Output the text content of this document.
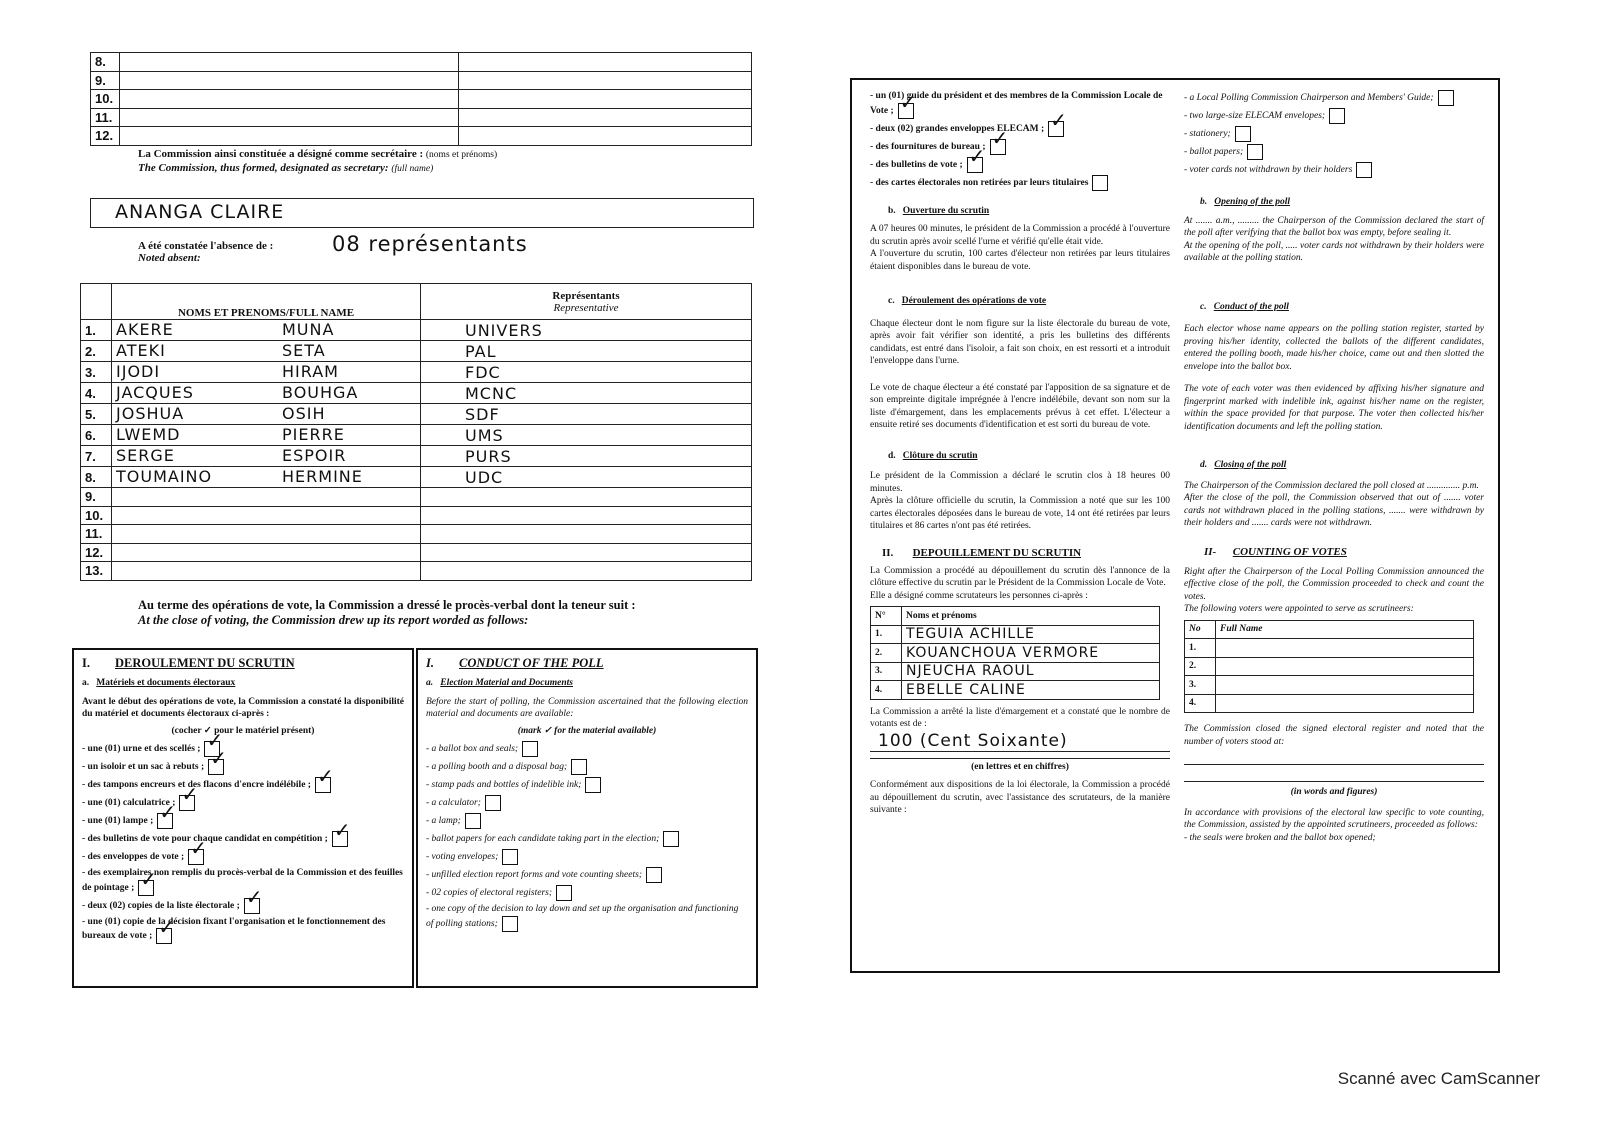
8.		
9.		
10.		
11.		
12.		
La Commission ainsi constituée a désigné comme secrétaire : (noms et prénoms)
The Commission, thus formed, designated as secretary: (full name)
ANANGA CLAIRE
A été constatée l'absence de :
Noted absent:
08 représentants
	NOMS ET PRENOMS/FULL NAME	Représentants
Representative
1.	AKERE MUNA	UNIVERS
2.	ATEKI SETA	PAL
3.	IJODI HIRAM	FDC
4.	JACQUES BOUHGA	MCNC
5.	JOSHUA OSIH	SDF
6.	LWEMD PIERRE	UMS
7.	SERGE ESPOIR	PURS
8.	TOUMAINO HERMINE	UDC
9.	

10.	

11.	

12.	

13.	

Au terme des opérations de vote, la Commission a dressé le procès-verbal dont la teneur suit :
At the close of voting, the Commission drew up its report worded as follows:
I. DEROULEMENT DU SCRUTIN
a. Matériels et documents électoraux
Avant le début des opérations de vote, la Commission a constaté la disponibilité du matériel et documents électoraux ci-après :
(cocher ✓ pour le matériel présent)
- une (01) urne et des scellés ;✓
- un isoloir et un sac à rebuts ;✓
- des tampons encreurs et des flacons d'encre indélébile ;✓
- une (01) calculatrice ;✓
- une (01) lampe ;✓
- des bulletins de vote pour chaque candidat en compétition ;✓
- des enveloppes de vote ;✓
- des exemplaires non remplis du procès-verbal de la Commission et des feuilles de pointage ;✓
- deux (02) copies de la liste électorale ;✓
- une (01) copie de la décision fixant l'organisation et le fonctionnement des bureaux de vote ;✓
I. CONDUCT OF THE POLL
a. Election Material and Documents
Before the start of polling, the Commission ascertained that the following election material and documents are available:
(mark ✓ for the material available)
- a ballot box and seals;
- a polling booth and a disposal bag;
- stamp pads and bottles of indelible ink;
- a calculator;
- a lamp;
- ballot papers for each candidate taking part in the election;
- voting envelopes;
- unfilled election report forms and vote counting sheets;
- 02 copies of electoral registers;
- one copy of the decision to lay down and set up the organisation and functioning of polling stations;
- un (01) guide du président et des membres de la Commission Locale de Vote ;✓
- deux (02) grandes enveloppes ELECAM ;✓
- des fournitures de bureau ;✓
- des bulletins de vote ;✓
- des cartes électorales non retirées par leurs titulaires
b.   Ouverture du scrutin
A 07 heures 00 minutes, le président de la Commission a procédé à l'ouverture du scrutin après avoir scellé l'urne et vérifié qu'elle était vide.
A l'ouverture du scrutin, 100 cartes d'électeur non retirées par leurs titulaires étaient disponibles dans le bureau de vote.
c.   Déroulement des opérations de vote
Chaque électeur dont le nom figure sur la liste électorale du bureau de vote, après avoir fait vérifier son identité, a pris les bulletins des différents candidats, est entré dans l'isoloir, a fait son choix, en est ressorti et a introduit l'enveloppe dans l'urne.
Le vote de chaque électeur a été constaté par l'apposition de sa signature et de son empreinte digitale imprégnée à l'encre indélébile, devant son nom sur la liste d'émargement, dans les emplacements prévus à cet effet. L'électeur a ensuite retiré ses documents d'identification et est sorti du bureau de vote.
d.   Clôture du scrutin
Le président de la Commission a déclaré le scrutin clos à 18 heures 00 minutes.
Après la clôture officielle du scrutin, la Commission a noté que sur les 100 cartes électorales déposées dans le bureau de vote, 14 ont été retirées par leurs titulaires et 86 cartes n'ont pas été retirées.
II. DEPOUILLEMENT DU SCRUTIN
La Commission a procédé au dépouillement du scrutin dès l'annonce de la clôture effective du scrutin par le Président de la Commission Locale de Vote.
Elle a désigné comme scrutateurs les personnes ci-après :
N°	Noms et prénoms
1.	TEGUIA ACHILLE
2.	KOUANCHOUA VERMORE
3.	NJEUCHA RAOUL
4.	EBELLE CALINE
La Commission a arrêté la liste d'émargement et a constaté que le nombre de votants est de :
100 (Cent Soixante)
(en lettres et en chiffres)
Conformément aux dispositions de la loi électorale, la Commission a procédé au dépouillement du scrutin, avec l'assistance des scrutateurs, de la manière suivante :
- a Local Polling Commission Chairperson and Members' Guide;
- two large-size ELECAM envelopes;
- stationery;
- ballot papers;
- voter cards not withdrawn by their holders
b.   Opening of the poll
At ....... a.m., ......... the Chairperson of the Commission declared the start of the poll after verifying that the ballot box was empty, before sealing it.
At the opening of the poll, ..... voter cards not withdrawn by their holders were available at the polling station.
c.   Conduct of the poll
Each elector whose name appears on the polling station register, started by proving his/her identity, collected the ballots of the different candidates, entered the polling booth, made his/her choice, came out and then slotted the envelope into the ballot box.
The vote of each voter was then evidenced by affixing his/her signature and fingerprint marked with indelible ink, against his/her name on the register, within the space provided for that purpose. The voter then collected his/her identification documents and left the polling station.
d.   Closing of the poll
The Chairperson of the Commission declared the poll closed at .............. p.m.
After the close of the poll, the Commission observed that out of ....... voter cards not withdrawn placed in the polling stations, ....... were withdrawn by their holders and ....... cards were not withdrawn.
II- COUNTING OF VOTES
Right after the Chairperson of the Local Polling Commission announced the effective close of the poll, the Commission proceeded to check and count the votes.
The following voters were appointed to serve as scrutineers:
No	Full Name
1.	
2.	
3.	
4.	
The Commission closed the signed electoral register and noted that the number of voters stood at:
(in words and figures)
In accordance with provisions of the electoral law specific to vote counting, the Commission, assisted by the appointed scrutineers, proceeded as follows:
- the seals were broken and the ballot box opened;
Scanné avec CamScanner
